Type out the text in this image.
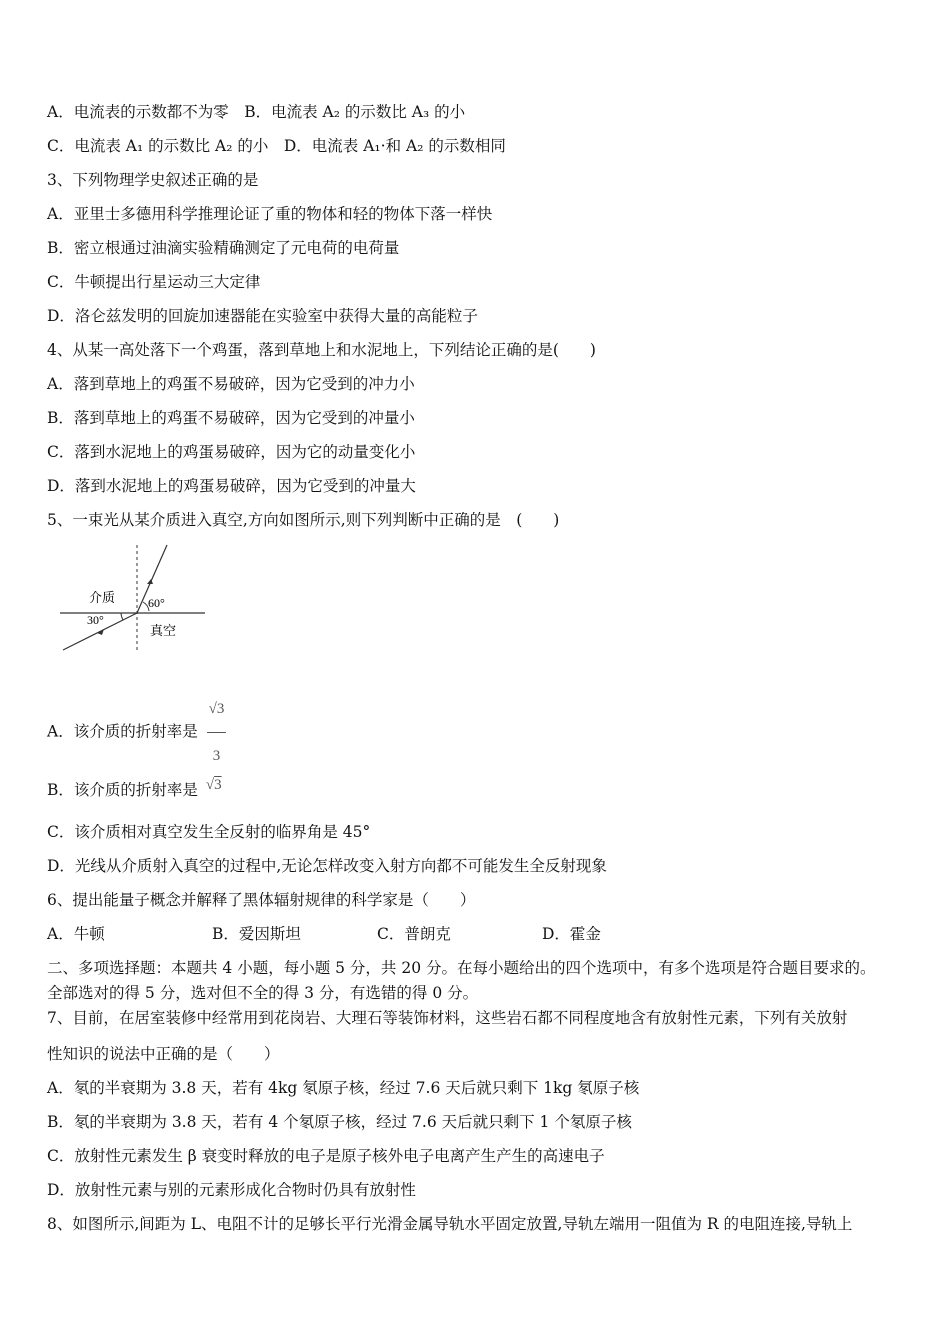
A．电流表的示数都不为零　B．电流表 A₂ 的示数比 A₃ 的小
C．电流表 A₁ 的示数比 A₂ 的小　D．电流表 A₁·和 A₂ 的示数相同
3、下列物理学史叙述正确的是
A．亚里士多德用科学推理论证了重的物体和轻的物体下落一样快
B．密立根通过油滴实验精确测定了元电荷的电荷量
C．牛顿提出行星运动三大定律
D．洛仑兹发明的回旋加速器能在实验室中获得大量的高能粒子
4、从某一高处落下一个鸡蛋，落到草地上和水泥地上，下列结论正确的是(　　)
A．落到草地上的鸡蛋不易破碎，因为它受到的冲力小
B．落到草地上的鸡蛋不易破碎，因为它受到的冲量小
C．落到水泥地上的鸡蛋易破碎，因为它的动量变化小
D．落到水泥地上的鸡蛋易破碎，因为它受到的冲量大
5、一束光从某介质进入真空,方向如图所示,则下列判断中正确的是　(　　)
介质
真空
60°
30°
A．该介质的折射率是 $\frac{√3}{3}$
B．该介质的折射率是 √3
C．该介质相对真空发生全反射的临界角是 45°
D．光线从介质射入真空的过程中,无论怎样改变入射方向都不可能发生全反射现象
6、提出能量子概念并解释了黑体辐射规律的科学家是（　　）
A．牛顿	B．爱因斯坦	C．普朗克	D．霍金
二、多项选择题：本题共 4 小题，每小题 5 分，共 20 分。在每小题给出的四个选项中，有多个选项是符合题目要求的。
全部选对的得 5 分，选对但不全的得 3 分，有选错的得 0 分。
7、目前，在居室装修中经常用到花岗岩、大理石等装饰材料，这些岩石都不同程度地含有放射性元素，下列有关放射
性知识的说法中正确的是（　　）
A．氡的半衰期为 3.8 天，若有 4kg 氡原子核，经过 7.6 天后就只剩下 1kg 氡原子核
B．氡的半衰期为 3.8 天，若有 4 个氡原子核，经过 7.6 天后就只剩下 1 个氡原子核
C．放射性元素发生 β 衰变时释放的电子是原子核外电子电离产生产生的高速电子
D．放射性元素与别的元素形成化合物时仍具有放射性
8、如图所示,间距为 L、电阻不计的足够长平行光滑金属导轨水平固定放置,导轨左端用一阻值为 R 的电阻连接,导轨上
